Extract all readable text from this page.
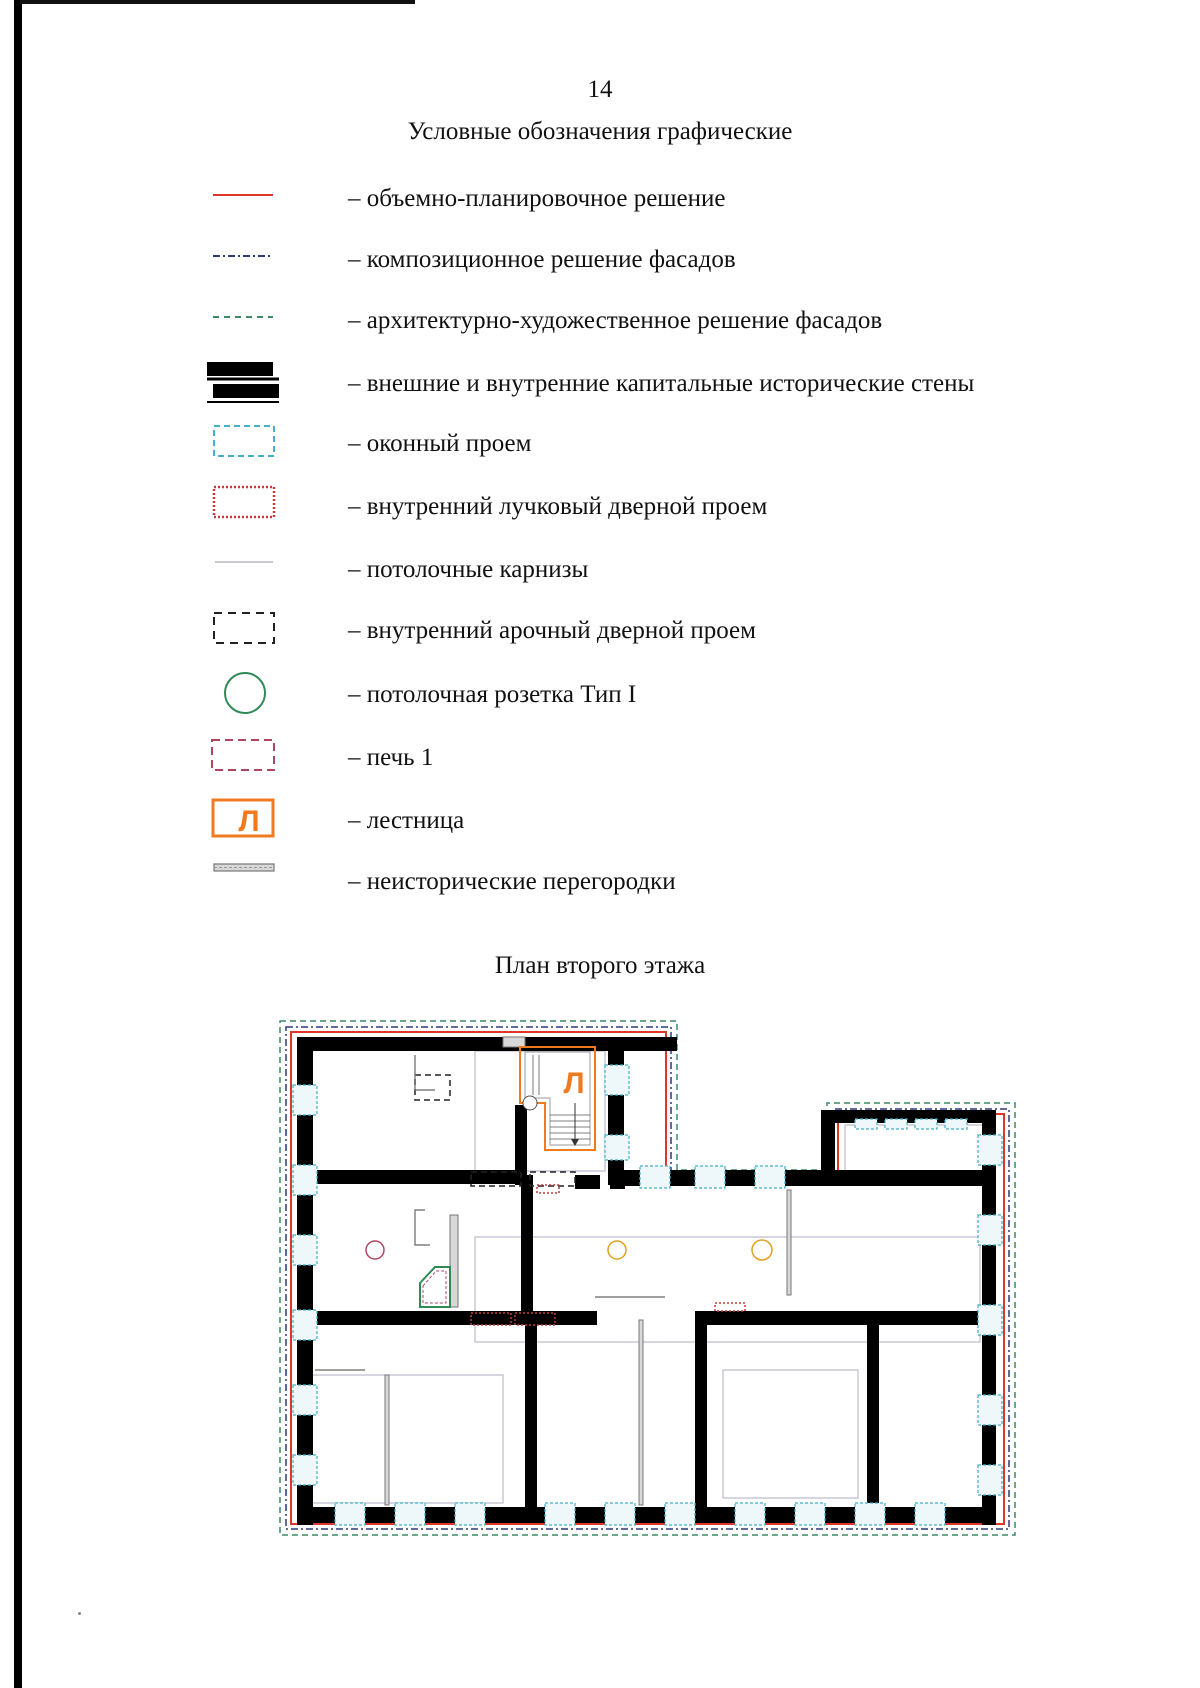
14
Условные обозначения графические
– объемно-планировочное решение
– композиционное решение фасадов
– архитектурно-художественное решение фасадов
– внешние и внутренние капитальные исторические стены
– оконный проем
– внутренний лучковый дверной проем
– потолочные карнизы
– внутренний арочный дверной проем
– потолочная розетка Тип I
– печь 1
Л	– лестница
– неисторические перегородки
План второго этажа
Л
